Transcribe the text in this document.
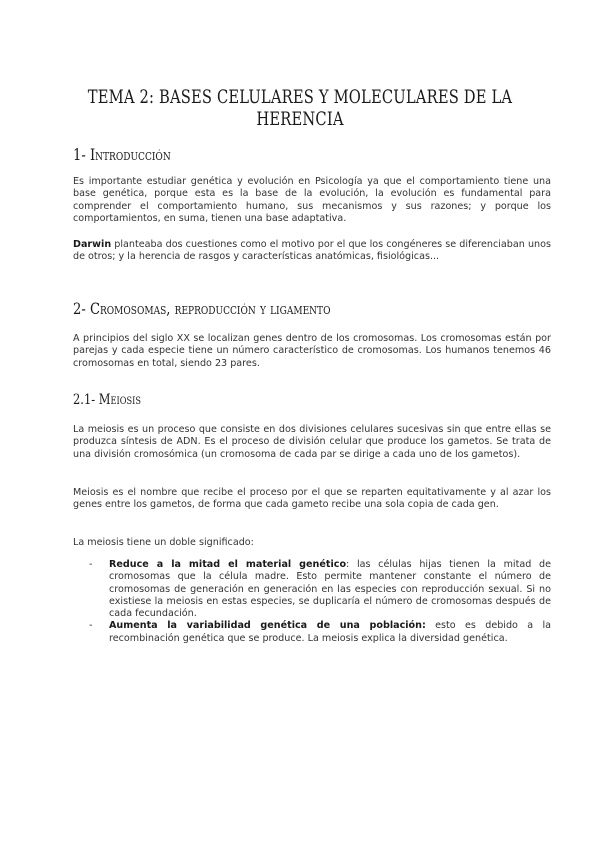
TEMA 2: BASES CELULARES Y MOLECULARES DE LA HERENCIA
1- Introducción
Es importante estudiar genética y evolución en Psicología ya que el comportamiento tiene una base genética, porque esta es la base de la evolución, la evolución es fundamental para comprender el comportamiento humano, sus mecanismos y sus razones; y porque los comportamientos, en suma, tienen una base adaptativa.
Darwin planteaba dos cuestiones como el motivo por el que los congéneres se diferenciaban unos de otros; y la herencia de rasgos y características anatómicas, fisiológicas...
2- Cromosomas, reproducción y ligamento
A principios del siglo XX se localizan genes dentro de los cromosomas. Los cromosomas están por parejas y cada especie tiene un número característico de cromosomas. Los humanos tenemos 46 cromosomas en total, siendo 23 pares.
2.1- Meiosis
La meiosis es un proceso que consiste en dos divisiones celulares sucesivas sin que entre ellas se produzca síntesis de ADN. Es el proceso de división celular que produce los gametos. Se trata de una división cromosómica (un cromosoma de cada par se dirige a cada uno de los gametos).
Meiosis es el nombre que recibe el proceso por el que se reparten equitativamente y al azar los genes entre los gametos, de forma que cada gameto recibe una sola copia de cada gen.
La meiosis tiene un doble significado:
- Reduce a la mitad el material genético: las células hijas tienen la mitad de cromosomas que la célula madre. Esto permite mantener constante el número de cromosomas de generación en generación en las especies con reproducción sexual. Si no existiese la meiosis en estas especies, se duplicaría el número de cromosomas después de cada fecundación.
- Aumenta la variabilidad genética de una población: esto es debido a la recombinación genética que se produce. La meiosis explica la diversidad genética.
